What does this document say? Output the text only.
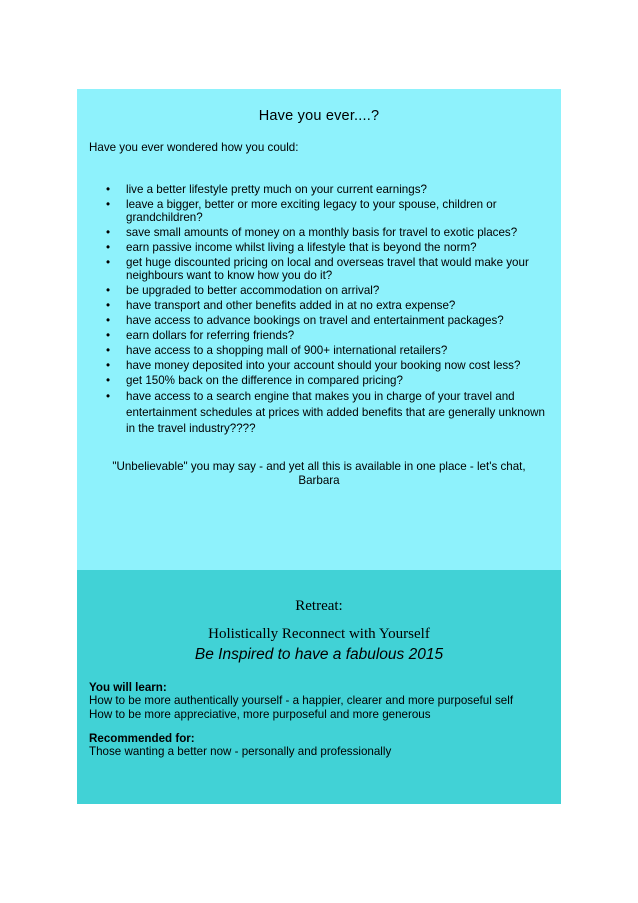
Have you ever....?
Have you ever wondered how you could:
• live a better lifestyle pretty much on your current earnings?
• leave a bigger, better or more exciting legacy to your spouse, children or grandchildren?
• save small amounts of money on a monthly basis for travel to exotic places?
• earn passive income whilst living a lifestyle that is beyond the norm?
• get huge discounted pricing on local and overseas travel that would make your neighbours want to know how you do it?
• be upgraded to better accommodation on arrival?
• have transport and other benefits added in at no extra expense?
• have access to advance bookings on travel and entertainment packages?
• earn dollars for referring friends?
• have access to a shopping mall of 900+ international retailers?
• have money deposited into your account should your booking now cost less?
• get 150% back on the difference in compared pricing?
• have access to a search engine that makes you in charge of your travel and entertainment schedules at prices with added benefits that are generally unknown in the travel industry????
"Unbelievable" you may say - and yet all this is available in one place - let's chat,
Barbara
Retreat:
Holistically Reconnect with Yourself
Be Inspired to have a fabulous 2015
You will learn:
How to be more authentically yourself - a happier, clearer and more purposeful self
How to be more appreciative, more purposeful and more generous
Recommended for:
Those wanting a better now - personally and professionally
